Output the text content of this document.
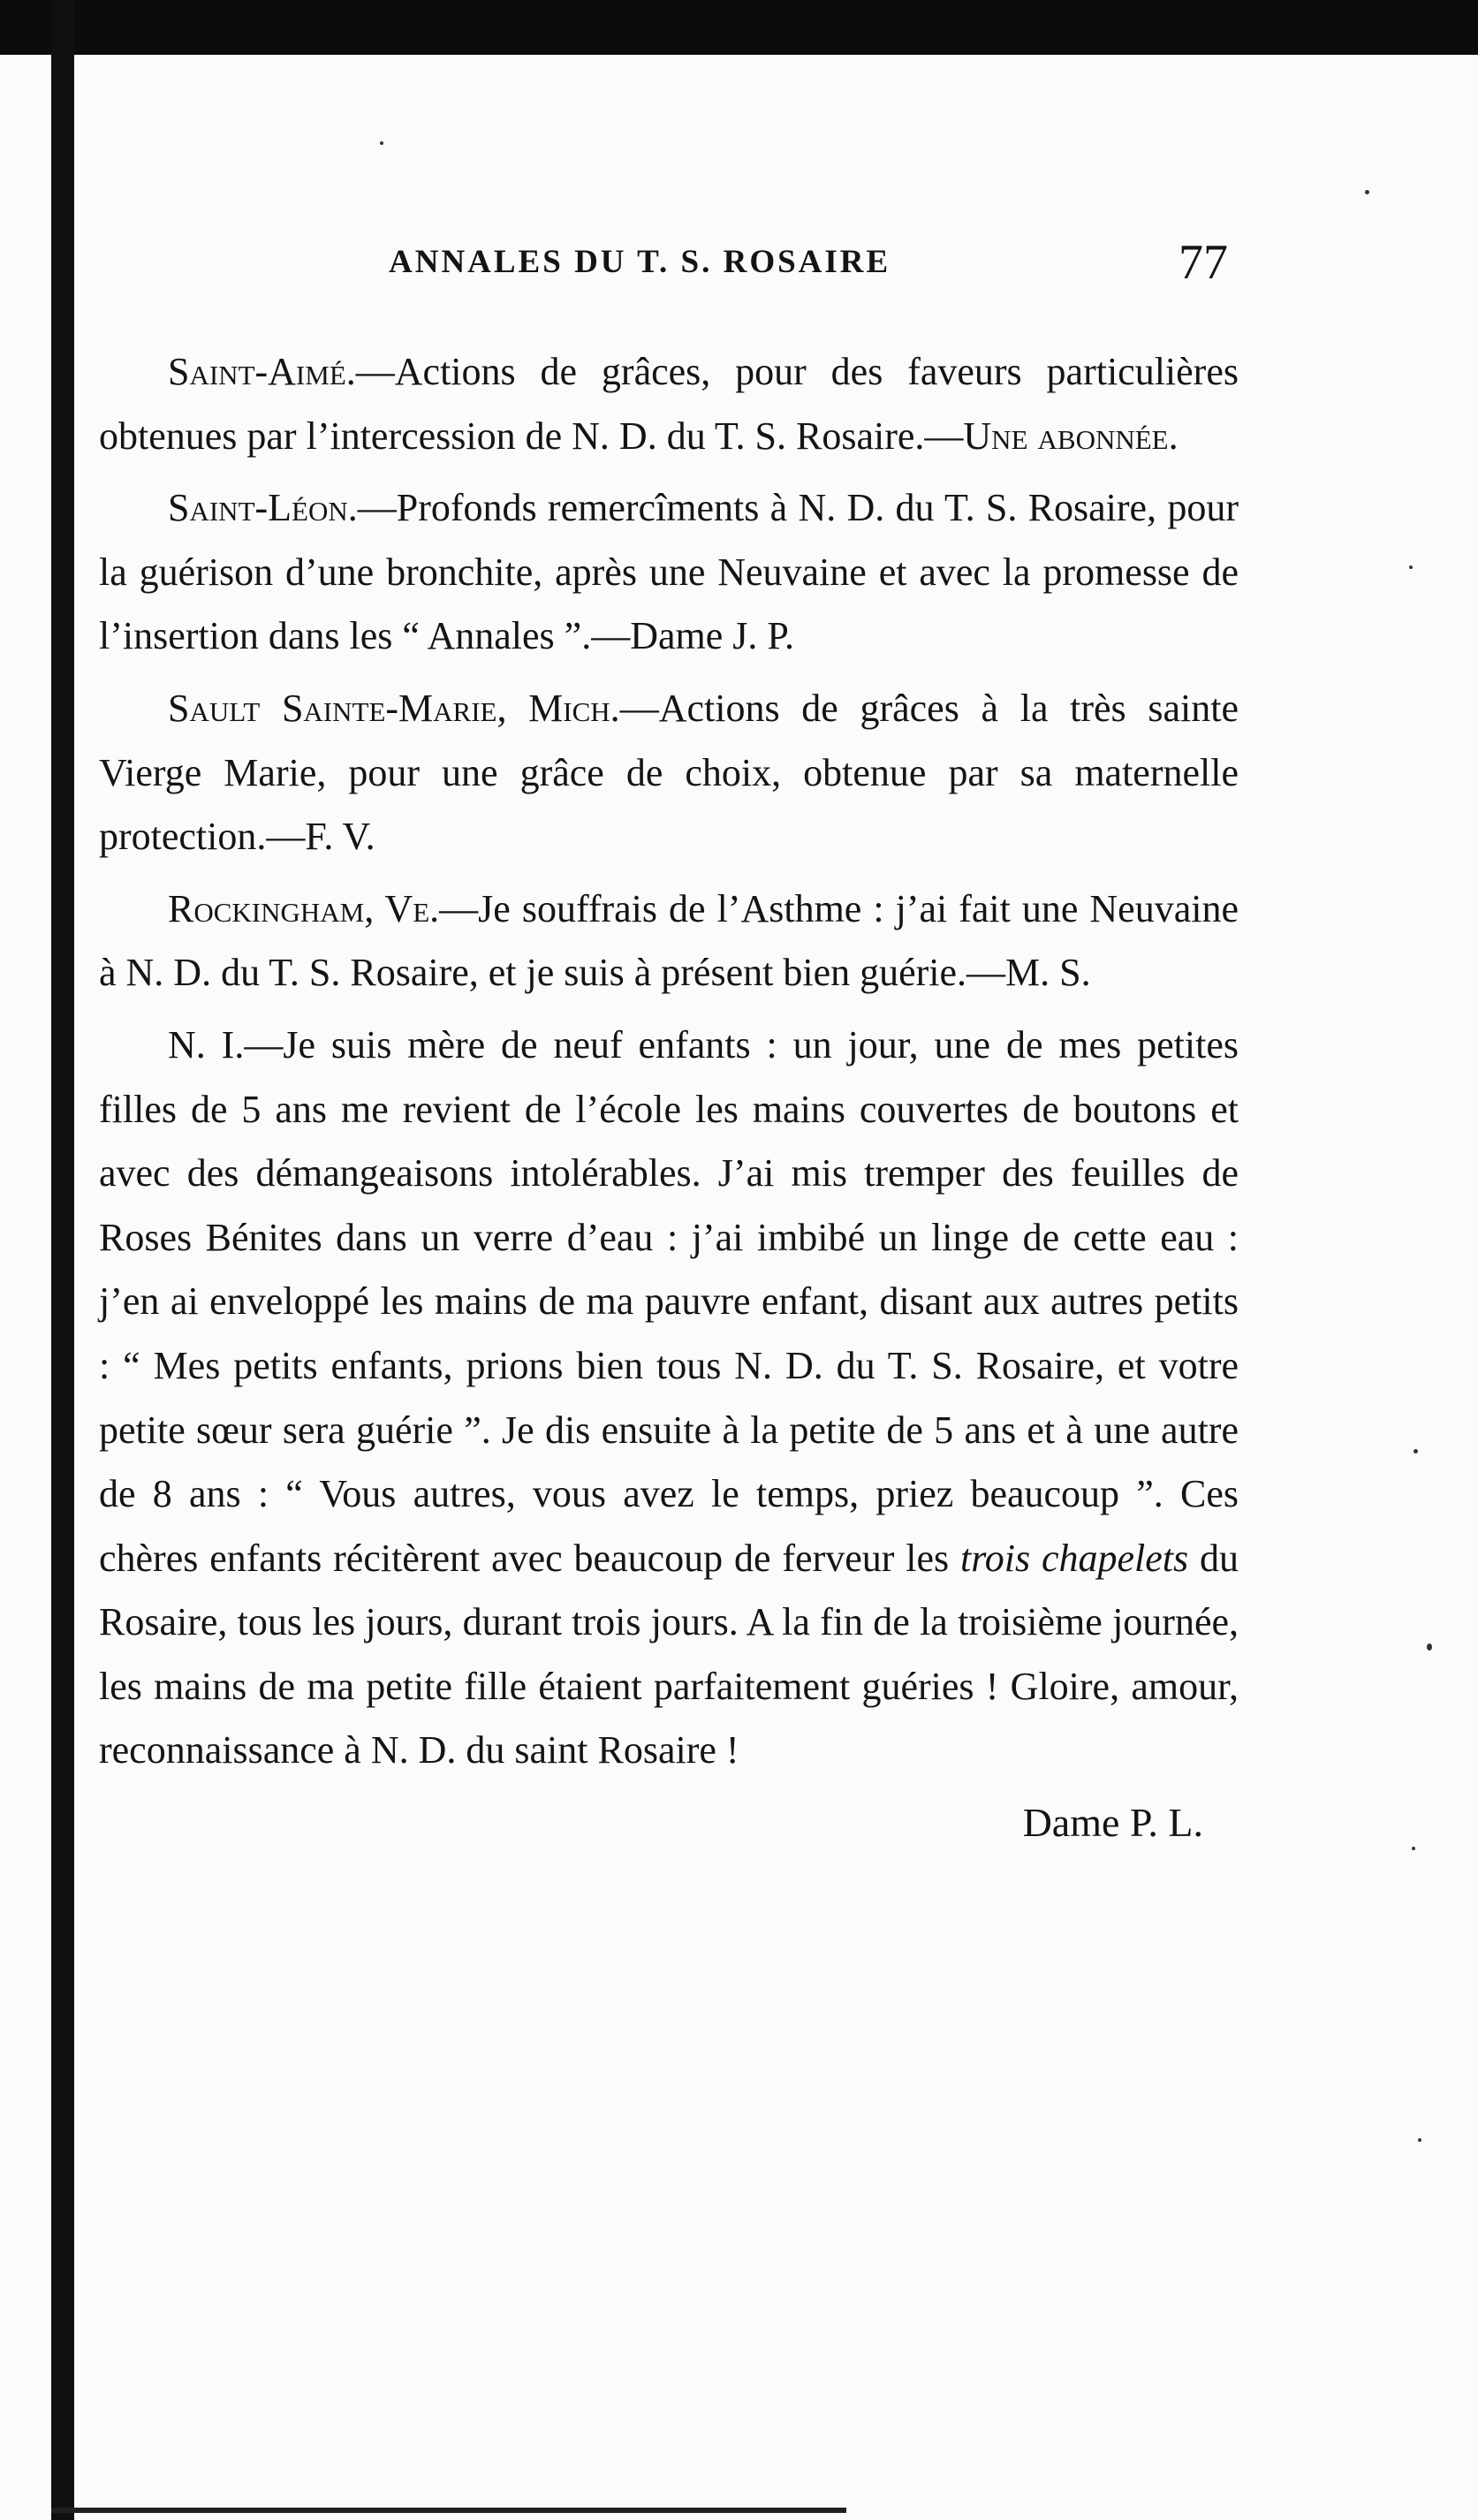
ANNALES DU T. S. ROSAIRE	77

Saint-Aimé.—Actions de grâces, pour des faveurs particulières obtenues par l’intercession de N. D. du T. S. Rosaire.—Une abonnée.

Saint-Léon.—Profonds remercîments à N. D. du T. S. Rosaire, pour la guérison d’une bronchite, après une Neuvaine et avec la promesse de l’insertion dans les “ Annales ”.—Dame J. P.

Sault Sainte-Marie, Mich.—Actions de grâces à la très sainte Vierge Marie, pour une grâce de choix, obtenue par sa maternelle protection.—F. V.

Rockingham, Ve.—Je souffrais de l’Asthme : j’ai fait une Neuvaine à N. D. du T. S. Rosaire, et je suis à présent bien guérie.—M. S.

N. I.—Je suis mère de neuf enfants : un jour, une de mes petites filles de 5 ans me revient de l’école les mains couvertes de boutons et avec des démangeaisons intolérables. J’ai mis tremper des feuilles de Roses Bénites dans un verre d’eau : j’ai imbibé un linge de cette eau : j’en ai enveloppé les mains de ma pauvre enfant, disant aux autres petits : “ Mes petits enfants, prions bien tous N. D. du T. S. Rosaire, et votre petite sœur sera guérie ”. Je dis ensuite à la petite de 5 ans et à une autre de 8 ans : “ Vous autres, vous avez le temps, priez beaucoup ”. Ces chères enfants récitèrent avec beaucoup de ferveur les trois chapelets du Rosaire, tous les jours, durant trois jours. A la fin de la troisième journée, les mains de ma petite fille étaient parfaitement guéries ! Gloire, amour, reconnaissance à N. D. du saint Rosaire !

Dame P. L.
